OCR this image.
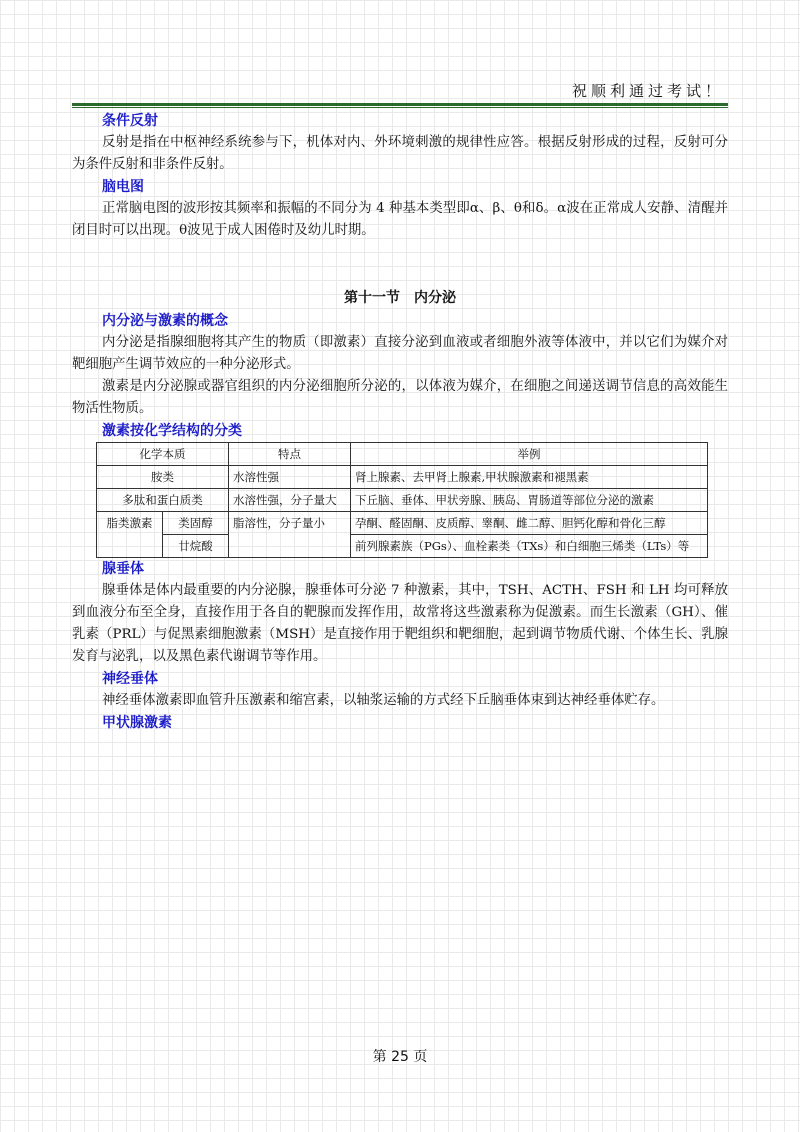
祝顺利通过考试！
条件反射

反射是指在中枢神经系统参与下，机体对内、外环境刺激的规律性应答。根据反射形成的过程，反射可分为条件反射和非条件反射。

脑电图

正常脑电图的波形按其频率和振幅的不同分为 4 种基本类型即α、β、θ和δ。α波在正常成人安静、清醒并闭目时可以出现。θ波见于成人困倦时及幼儿时期。

第十一节　内分泌
内分泌与激素的概念

内分泌是指腺细胞将其产生的物质（即激素）直接分泌到血液或者细胞外液等体液中，并以它们为媒介对靶细胞产生调节效应的一种分泌形式。

激素是内分泌腺或器官组织的内分泌细胞所分泌的，以体液为媒介，在细胞之间递送调节信息的高效能生物活性物质。

激素按化学结构的分类
化学本质		特点	举例
胺类		水溶性强	肾上腺素、去甲肾上腺素,甲状腺激素和褪黑素
多肽和蛋白质类		水溶性强，分子量大	下丘脑、垂体、甲状旁腺、胰岛、胃肠道等部位分泌的激素
脂类激素	类固醇	脂溶性，分子量小	孕酮、醛固酮、皮质醇、睾酮、雌二醇、胆钙化醇和骨化三醇
	廿烷酸		前列腺素族（PGs）、血栓素类（TXs）和白细胞三烯类（LTs）等
腺垂体

腺垂体是体内最重要的内分泌腺，腺垂体可分泌 7 种激素，其中，TSH、ACTH、FSH 和 LH 均可释放到血液分布至全身，直接作用于各自的靶腺而发挥作用，故常将这些激素称为促激素。而生长激素（GH）、催乳素（PRL）与促黑素细胞激素（MSH）是直接作用于靶组织和靶细胞，起到调节物质代谢、个体生长、乳腺发育与泌乳，以及黑色素代谢调节等作用。

神经垂体

神经垂体激素即血管升压激素和缩宫素，以轴浆运输的方式经下丘脑垂体束到达神经垂体贮存。

甲状腺激素
第 25 页
